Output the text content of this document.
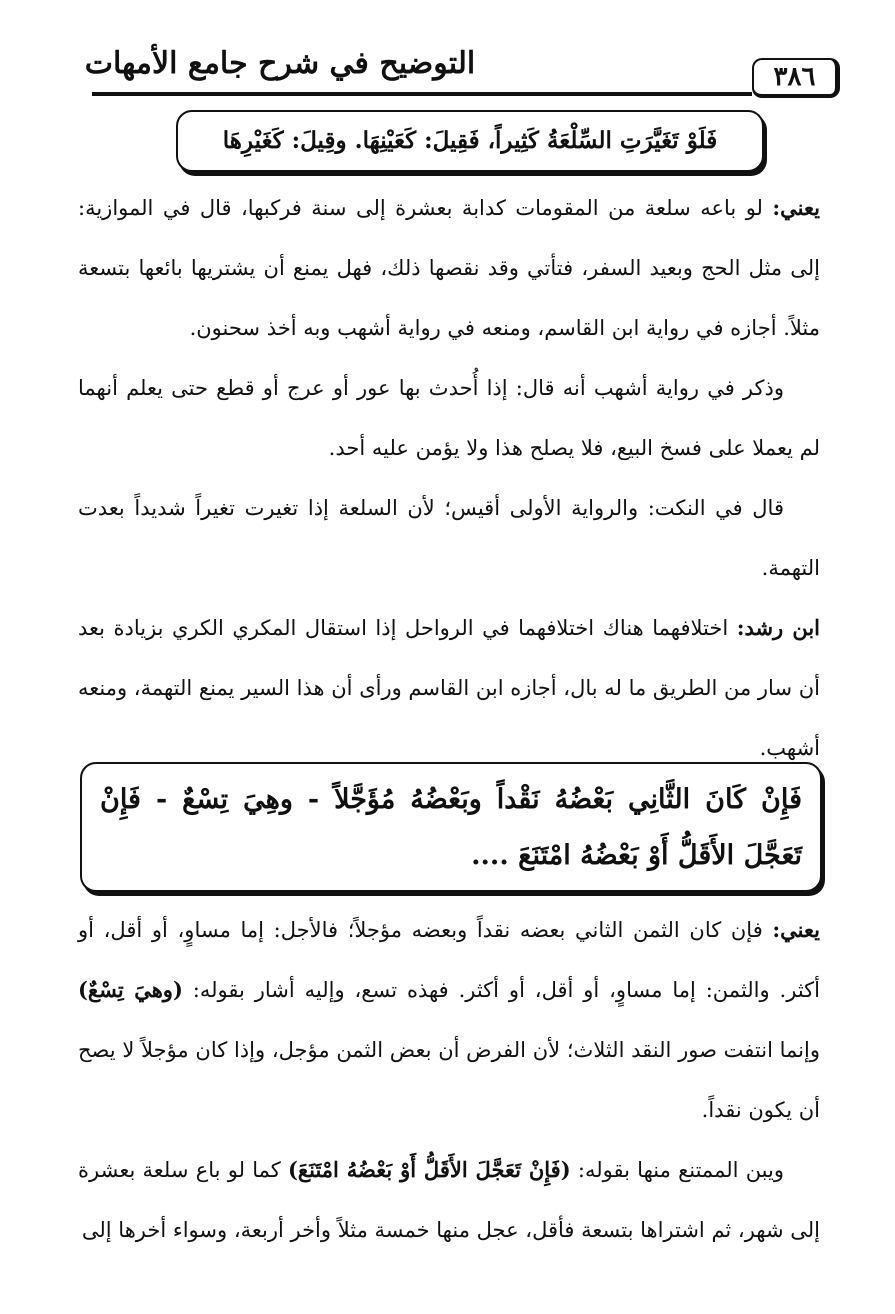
التوضيح في شرح جامع الأمهات	٣٨٦
فَلَوْ تَغَيَّرَتِ السِّلْعَةُ كَثِيراً، فَقِيلَ: كَعَيْنِهَا. وقِيلَ: كَغَيْرِهَا

يعني: لو باعه سلعة من المقومات كدابة بعشرة إلى سنة فركبها، قال في الموازية: إلى مثل الحج وبعيد السفر، فتأتي وقد نقصها ذلك، فهل يمنع أن يشتريها بائعها بتسعة مثلاً. أجازه في رواية ابن القاسم، ومنعه في رواية أشهب وبه أخذ سحنون.

وذكر في رواية أشهب أنه قال: إذا أُحدث بها عور أو عرج أو قطع حتى يعلم أنهما لم يعملا على فسخ البيع، فلا يصلح هذا ولا يؤمن عليه أحد.

قال في النكت: والرواية الأولى أقيس؛ لأن السلعة إذا تغيرت تغيراً شديداً بعدت التهمة.

ابن رشد: اختلافهما هناك اختلافهما في الرواحل إذا استقال المكري الكري بزيادة بعد أن سار من الطريق ما له بال، أجازه ابن القاسم ورأى أن هذا السير يمنع التهمة، ومنعه أشهب.

فَإِنْ كَانَ الثَّانِي بَعْضُهُ نَقْداً وبَعْضُهُ مُؤَجَّلاً - وهِيَ تِسْعٌ - فَإِنْ تَعَجَّلَ الأَقَلُّ أَوْ بَعْضُهُ امْتَنَعَ ....

يعني: فإن كان الثمن الثاني بعضه نقداً وبعضه مؤجلاً؛ فالأجل: إما مساوٍ، أو أقل، أو أكثر. والثمن: إما مساوٍ، أو أقل، أو أكثر. فهذه تسع، وإليه أشار بقوله: (وهيَ تِسْعٌ) وإنما انتفت صور النقد الثلاث؛ لأن الفرض أن بعض الثمن مؤجل، وإذا كان مؤجلاً لا يصح أن يكون نقداً.

ويبن الممتنع منها بقوله: (فَإِنْ تَعَجَّلَ الأَقَلُّ أَوْ بَعْضُهُ امْتَنَعَ) كما لو باع سلعة بعشرة إلى شهر، ثم اشتراها بتسعة فأقل، عجل منها خمسة مثلاً وأخر أربعة، وسواء أخرها إلى
